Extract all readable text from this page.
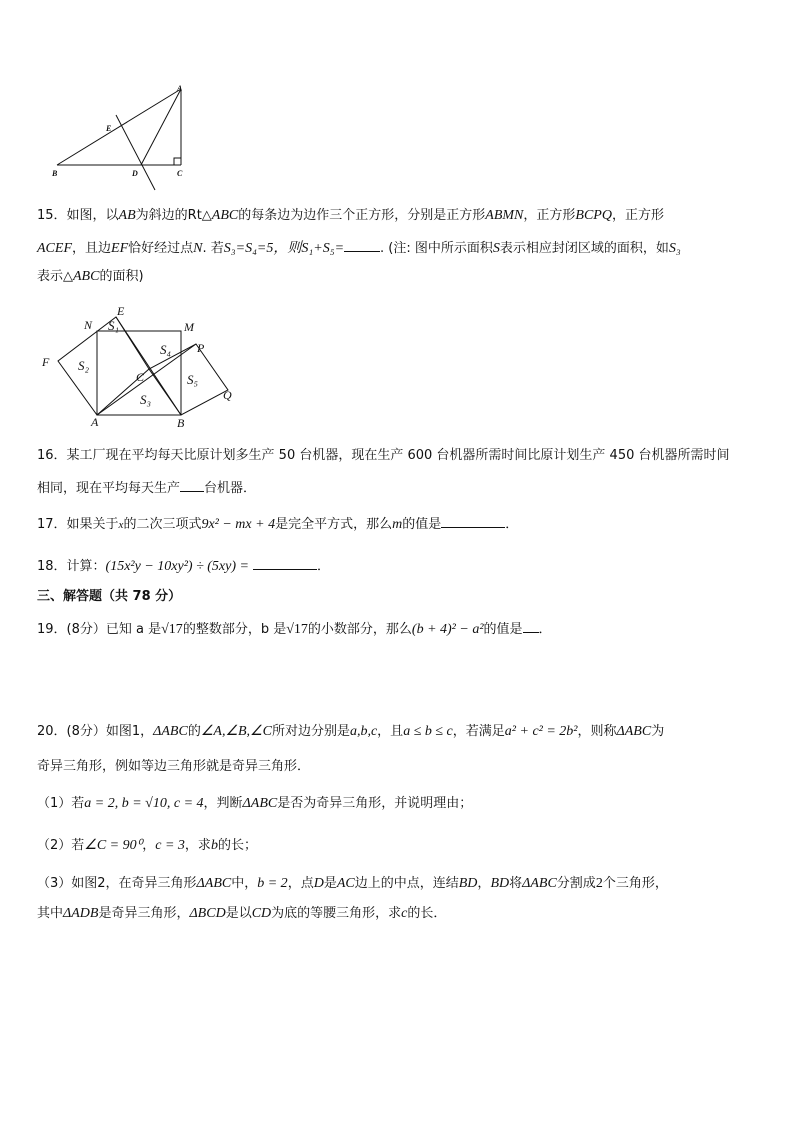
A
E
B	D	C
15．如图，以AB为斜边的Rt△ABC的每条边为边作三个正方形，分别是正方形ABMN，正方形BCPQ，正方形
ACEF，且边EF恰好经过点N. 若S₃=S₄=5，则S₁+S₅=	. (注: 图中所示面积S表示相应封闭区域的面积，如S₃
表示△ABC的面积)
E
N	M
P
F
C
Q
A	B
S₁
S₂
S₃
S₄
S₅
16．某工厂现在平均每天比原计划多生产 50 台机器，现在生产 600 台机器所需时间比原计划生产 450 台机器所需时间
相同，现在平均每天生产 台机器．
17．如果关于x的二次三项式9x² − mx + 4是完全平方式，那么m的值是	．
18．计算：(15x²y − 10xy²) ÷ (5xy) =	．
三、解答题（共 78 分）
19．(8分）已知 a 是√17的整数部分，b 是√17的小数部分，那么(b + 4)² − a²的值是 ．
20．(8分）如图1，ΔABC的∠A,∠B,∠C所对边分别是a,b,c，且a ≤ b ≤ c，若满足a² + c² = 2b²，则称ΔABC为
奇异三角形，例如等边三角形就是奇异三角形．
（1）若a = 2, b = √10, c = 4，判断ΔABC是否为奇异三角形，并说明理由；
（2）若∠C = 90⁰，c = 3，求b的长；
（3）如图2，在奇异三角形ΔABC中，b = 2，点D是AC边上的中点，连结BD，BD将ΔABC分割成2个三角形，
其中ΔADB是奇异三角形，ΔBCD是以CD为底的等腰三角形，求c的长．
